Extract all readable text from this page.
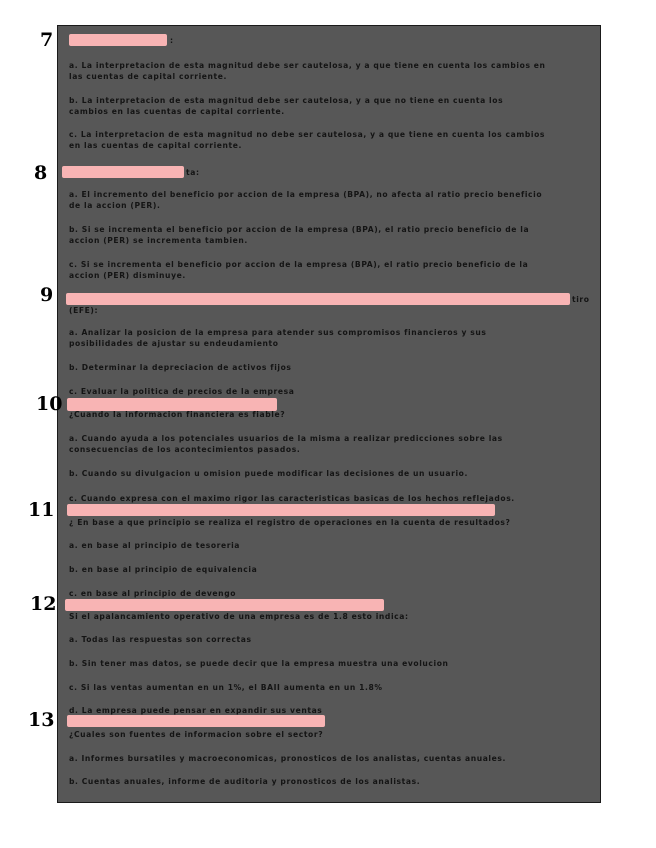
:
a. La interpretacion de esta magnitud debe ser cautelosa, y a que tiene en cuenta los cambios en
las cuentas de capital corriente.
b. La interpretacion de esta magnitud debe ser cautelosa, y a que no tiene en cuenta los
cambios en las cuentas de capital corriente.
c. La interpretacion de esta magnitud no debe ser cautelosa, y a que tiene en cuenta los cambios
en las cuentas de capital corriente.
ta:
a. El incremento del beneficio por accion de la empresa (BPA), no afecta al ratio precio beneficio
de la accion (PER).
b. Si se incrementa el beneficio por accion de la empresa (BPA), el ratio precio beneficio de la
accion (PER) se incrementa tambien.
c. Si se incrementa el beneficio por accion de la empresa (BPA), el ratio precio beneficio de la
accion (PER) disminuye.
tiro
(EFE):
a. Analizar la posicion de la empresa para atender sus compromisos financieros y sus
posibilidades de ajustar su endeudamiento
b. Determinar la depreciacion de activos fijos
c. Evaluar la politica de precios de la empresa
¿Cuando la informacion financiera es fiable?
a. Cuando ayuda a los potenciales usuarios de la misma a realizar predicciones sobre las
consecuencias de los acontecimientos pasados.
b. Cuando su divulgacion u omision puede modificar las decisiones de un usuario.
c. Cuando expresa con el maximo rigor las caracteristicas basicas de los hechos reflejados.
¿ En base a que principio se realiza el registro de operaciones en la cuenta de resultados?
a. en base al principio de tesoreria
b. en base al principio de equivalencia
c. en base al principio de devengo
Si el apalancamiento operativo de una empresa es de 1.8 esto indica:
a. Todas las respuestas son correctas
b. Sin tener mas datos, se puede decir que la empresa muestra una evolucion
c. Si las ventas aumentan en un 1%, el BAII aumenta en un 1.8%
d. La empresa puede pensar en expandir sus ventas
¿Cuales son fuentes de informacion sobre el sector?
a. Informes bursatiles y macroeconomicas, pronosticos de los analistas, cuentas anuales.
b. Cuentas anuales, informe de auditoria y pronosticos de los analistas.
7
8
9
10
11
12
13
